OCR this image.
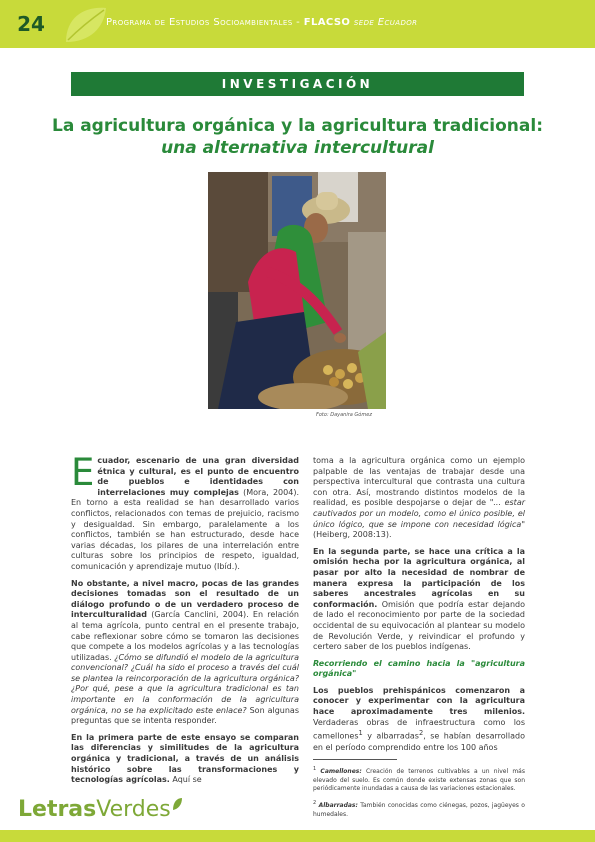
24	Programa de Estudios Socioambientales - FLACSO sede Ecuador
INVESTIGACIÓN
La agricultura orgánica y la agricultura tradicional:
una alternativa intercultural
Foto: Dayanira Gómez

Ecuador, escenario de una gran diversidad étnica y cultural, es el punto de encuentro de pueblos e identidades con interrelaciones muy complejas (Mora, 2004). En torno a esta realidad se han desarrollado varios conflictos, relacionados con temas de prejuicio, racismo y desigualdad. Sin embargo, paralelamente a los conflictos, también se han estructurado, desde hace varias décadas, los pilares de una interrelación entre culturas sobre los principios de respeto, igualdad, comunicación y aprendizaje mutuo (Ibíd.).

No obstante, a nivel macro, pocas de las grandes decisiones tomadas son el resultado de un diálogo profundo o de un verdadero proceso de interculturalidad (García Canclini, 2004). En relación al tema agrícola, punto central en el presente trabajo, cabe reflexionar sobre cómo se tomaron las decisiones que compete a los modelos agrícolas y a las tecnologías utilizadas. ¿Cómo se difundió el modelo de la agricultura convencional? ¿Cuál ha sido el proceso a través del cuál se plantea la reincorporación de la agricultura orgánica? ¿Por qué, pese a que la agricultura tradicional es tan importante en la conformación de la agricultura orgánica, no se ha explicitado este enlace? Son algunas preguntas que se intenta responder.

En la primera parte de este ensayo se comparan las diferencias y similitudes de la agricultura orgánica y tradicional, a través de un análisis histórico sobre las transformaciones y tecnologías agrícolas. Aquí se

toma a la agricultura orgánica como un ejemplo palpable de las ventajas de trabajar desde una perspectiva intercultural que contrasta una cultura con otra. Así, mostrando distintos modelos de la realidad, es posible despojarse o dejar de "... estar cautivados por un modelo, como el único posible, el único lógico, que se impone con necesidad lógica" (Heiberg, 2008:13).

En la segunda parte, se hace una crítica a la omisión hecha por la agricultura orgánica, al pasar por alto la necesidad de nombrar de manera expresa la participación de los saberes ancestrales agrícolas en su conformación. Omisión que podría estar dejando de lado el reconocimiento por parte de la sociedad occidental de su equivocación al plantear su modelo de Revolución Verde, y reivindicar el profundo y certero saber de los pueblos indígenas.

Recorriendo el camino hacia la "agricultura orgánica"

Los pueblos prehispánicos comenzaron a conocer y experimentar con la agricultura hace aproximadamente tres milenios. Verdaderas obras de infraestructura como los camellones$^1$ y albarradas$^2$, se habían desarrollado en el período comprendido entre los 100 años

$^1$ Camellones: Creación de terrenos cultivables a un nivel más elevado del suelo. Es común donde existe extensas zonas que son periódicamente inundadas a causa de las variaciones estacionales.

$^2$ Albarradas: También conocidas como ciénegas, pozos, jagüeyes o humedales.

LetrasVerdes
